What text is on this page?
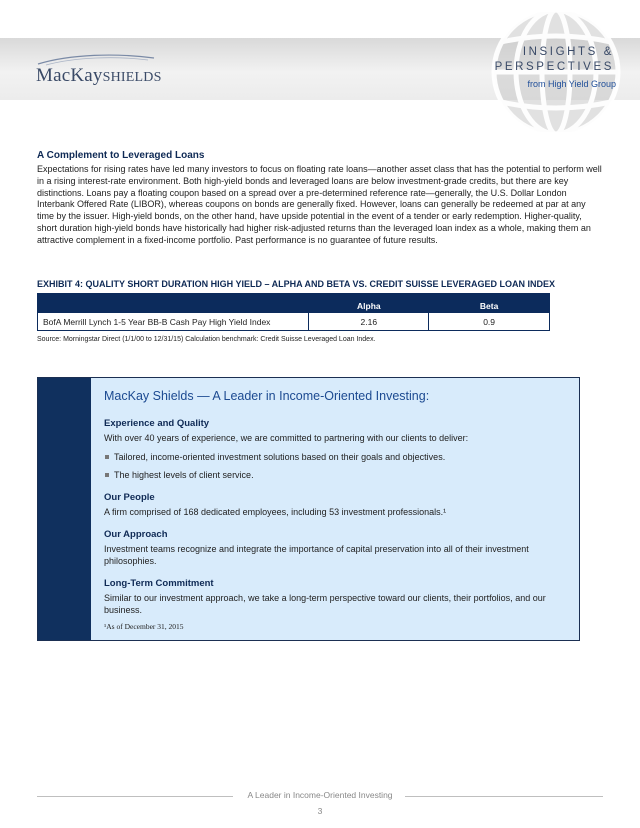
MacKaySHIELDS
INSIGHTS &
PERSPECTIVES
from High Yield Group
A Complement to Leveraged Loans
Expectations for rising rates have led many investors to focus on floating rate loans—another asset class that has the potential to perform well in a rising interest-rate environment. Both high-yield bonds and leveraged loans are below investment-grade credits, but there are key distinctions. Loans pay a floating coupon based on a spread over a pre-determined reference rate—generally, the U.S. Dollar London Interbank Offered Rate (LIBOR), whereas coupons on bonds are generally fixed. However, loans can generally be redeemed at par at any time by the issuer. High-yield bonds, on the other hand, have upside potential in the event of a tender or early redemption. Higher-quality, short duration high-yield bonds have historically had higher risk-adjusted returns than the leveraged loan index as a whole, making them an attractive complement in a fixed-income portfolio. Past performance is no guarantee of future results.
EXHIBIT 4: QUALITY SHORT DURATION HIGH YIELD – ALPHA AND BETA VS. CREDIT SUISSE LEVERAGED LOAN INDEX
	Alpha	Beta
BofA Merrill Lynch 1-5 Year BB-B Cash Pay High Yield Index	2.16	0.9
Source: Morningstar Direct (1/1/00 to 12/31/15) Calculation benchmark: Credit Suisse Leveraged Loan Index.
MacKay Shields — A Leader in Income-Oriented Investing:
Experience and Quality
With over 40 years of experience, we are committed to partnering with our clients to deliver:
Tailored, income-oriented investment solutions based on their goals and objectives.
The highest levels of client service.
Our People
A firm comprised of 168 dedicated employees, including 53 investment professionals.¹
Our Approach
Investment teams recognize and integrate the importance of capital preservation into all of their investment philosophies.
Long-Term Commitment
Similar to our investment approach, we take a long-term perspective toward our clients, their portfolios, and our business.
¹As of December 31, 2015
A Leader in Income-Oriented Investing
3
